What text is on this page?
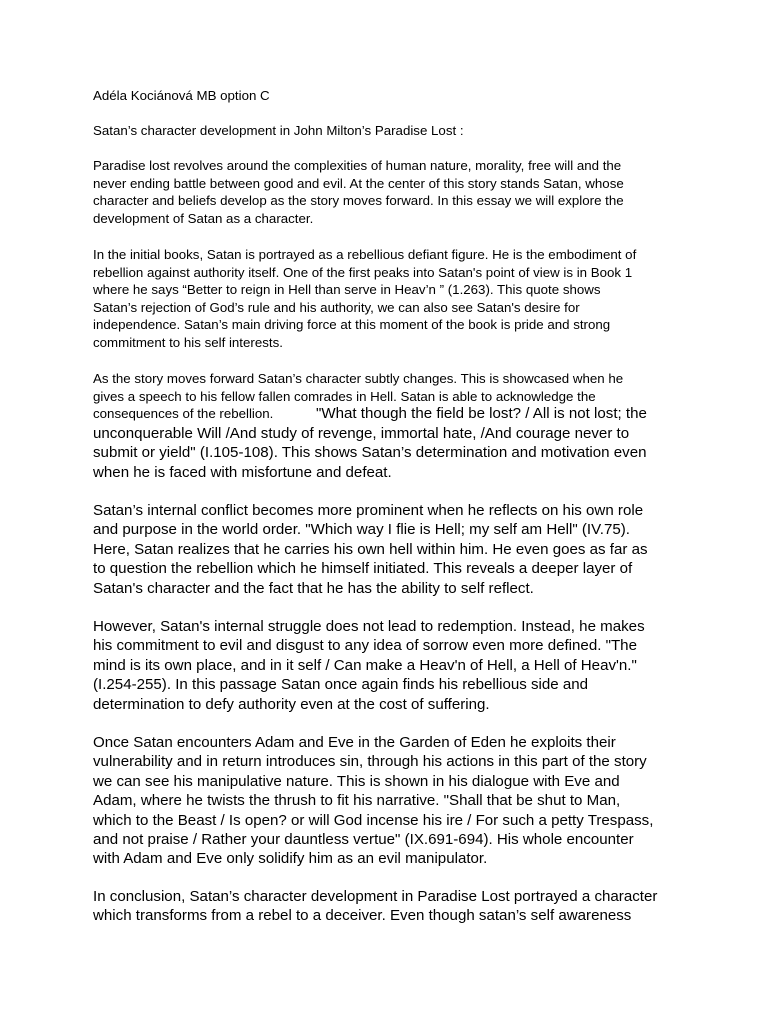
Adéla Kociánová MB option C
Satan’s character development in John Milton’s Paradise Lost :
Paradise lost revolves around the complexities of human nature, morality, free will and the
never ending battle between good and evil. At the center of this story stands Satan, whose
character and beliefs develop as the story moves forward. In this essay we will explore the
development of Satan as a character.
In the initial books, Satan is portrayed as a rebellious defiant figure. He is the embodiment of
rebellion against authority itself. One of the first peaks into Satan's point of view is in Book 1
where he says “Better to reign in Hell than serve in Heav’n ” (1.263). This quote shows
Satan’s rejection of God’s rule and his authority, we can also see Satan's desire for
independence. Satan’s main driving force at this moment of the book is pride and strong
commitment to his self interests.
As the story moves forward Satan’s character subtly changes. This is showcased when he
gives a speech to his fellow fallen comrades in Hell. Satan is able to acknowledge the
consequences of the rebellion.	"What though the field be lost? / All is not lost; the
unconquerable Will /And study of revenge, immortal hate, /And courage never to
submit or yield" (I.105-108). This shows Satan’s determination and motivation even
when he is faced with misfortune and defeat.
Satan’s internal conflict becomes more prominent when he reflects on his own role
and purpose in the world order. "Which way I flie is Hell; my self am Hell" (IV.75).
Here, Satan realizes that he carries his own hell within him. He even goes as far as
to question the rebellion which he himself initiated. This reveals a deeper layer of
Satan's character and the fact that he has the ability to self reflect.
However, Satan's internal struggle does not lead to redemption. Instead, he makes
his commitment to evil and disgust to any idea of sorrow even more defined. "The
mind is its own place, and in it self / Can make a Heav'n of Hell, a Hell of Heav'n."
(I.254-255). In this passage Satan once again finds his rebellious side and
determination to defy authority even at the cost of suffering.
Once Satan encounters Adam and Eve in the Garden of Eden he exploits their
vulnerability and in return introduces sin, through his actions in this part of the story
we can see his manipulative nature. This is shown in his dialogue with Eve and
Adam, where he twists the thrush to fit his narrative. "Shall that be shut to Man,
which to the Beast / Is open? or will God incense his ire / For such a petty Trespass,
and not praise / Rather your dauntless vertue" (IX.691-694). His whole encounter
with Adam and Eve only solidify him as an evil manipulator.
In conclusion, Satan’s character development in Paradise Lost portrayed a character
which transforms from a rebel to a deceiver. Even though satan’s self awareness
